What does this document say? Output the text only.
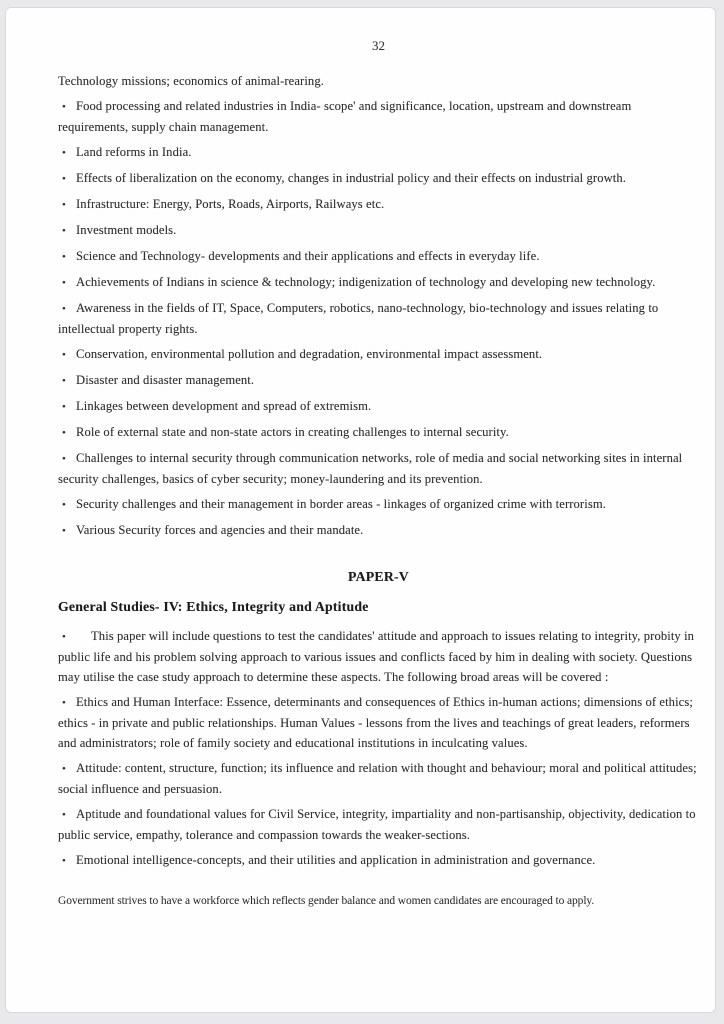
32

Technology missions; economics of animal-rearing.

• Food processing and related industries in India- scope' and significance, location, upstream and downstream requirements, supply chain management.

• Land reforms in India.

• Effects of liberalization on the economy, changes in industrial policy and their effects on industrial growth.

• Infrastructure: Energy, Ports, Roads, Airports, Railways etc.

• Investment models.

• Science and Technology- developments and their applications and effects in everyday life.

• Achievements of Indians in science & technology; indigenization of technology and developing new technology.

• Awareness in the fields of IT, Space, Computers, robotics, nano-technology, bio-technology and issues relating to intellectual property rights.

• Conservation, environmental pollution and degradation, environmental impact assessment.

• Disaster and disaster management.

• Linkages between development and spread of extremism.

• Role of external state and non-state actors in creating challenges to internal security.

• Challenges to internal security through communication networks, role of media and social networking sites in internal security challenges, basics of cyber security; money-laundering and its prevention.

• Security challenges and their management in border areas - linkages of organized crime with terrorism.

• Various Security forces and agencies and their mandate.

PAPER-V
General Studies- IV: Ethics, Integrity and Aptitude

• This paper will include questions to test the candidates' attitude and approach to issues relating to integrity, probity in public life and his problem solving approach to various issues and conflicts faced by him in dealing with society. Questions may utilise the case study approach to determine these aspects. The following broad areas will be covered :

• Ethics and Human Interface: Essence, determinants and consequences of Ethics in-human actions; dimensions of ethics; ethics - in private and public relationships. Human Values - lessons from the lives and teachings of great leaders, reformers and administrators; role of family society and educational institutions in inculcating values.

• Attitude: content, structure, function; its influence and relation with thought and behaviour; moral and political attitudes; social influence and persuasion.

• Aptitude and foundational values for Civil Service, integrity, impartiality and non-partisanship, objectivity, dedication to public service, empathy, tolerance and compassion towards the weaker-sections.

• Emotional intelligence-concepts, and their utilities and application in administration and governance.

Government strives to have a workforce which reflects gender balance and women candidates are encouraged to apply.
